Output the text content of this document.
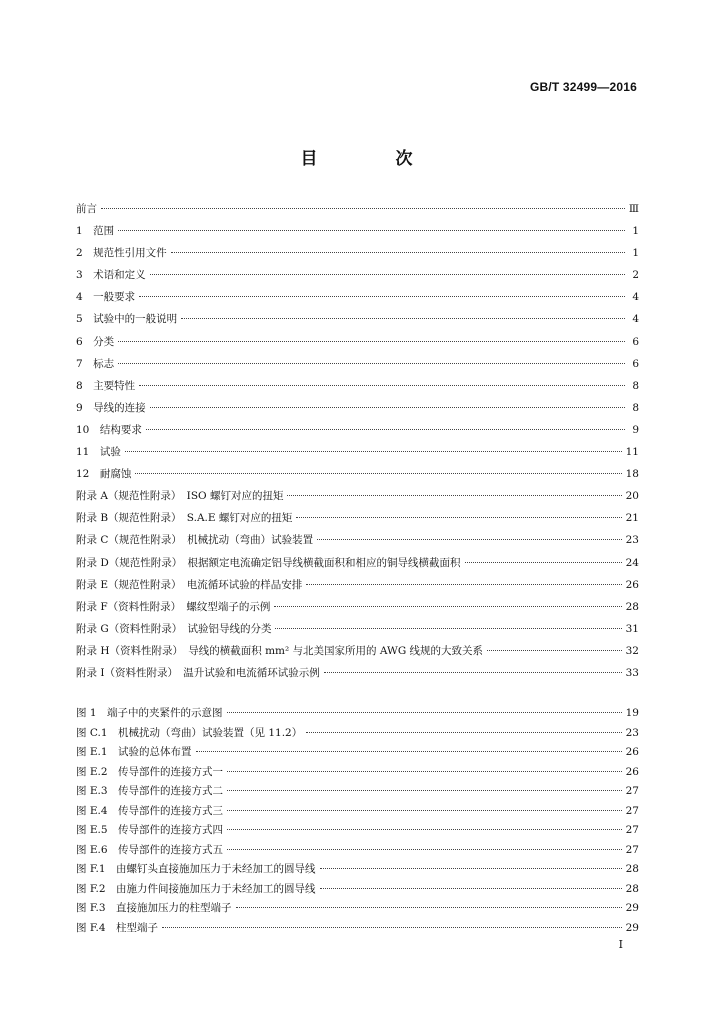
GB/T 32499—2016
目 次
前言	Ⅲ
1　范围	1
2　规范性引用文件	1
3　术语和定义	2
4　一般要求	4
5　试验中的一般说明	4
6　分类	6
7　标志	6
8　主要特性	8
9　导线的连接	8
10　结构要求	9
11　试验	11
12　耐腐蚀	18
附录 A（规范性附录）　ISO 螺钉对应的扭矩	20
附录 B（规范性附录）　S.A.E 螺钉对应的扭矩	21
附录 C（规范性附录）　机械扰动（弯曲）试验装置	23
附录 D（规范性附录）　根据额定电流确定铝导线横截面积和相应的铜导线横截面积	24
附录 E（规范性附录）　电流循环试验的样品安排	26
附录 F（资料性附录）　螺纹型端子的示例	28
附录 G（资料性附录）　试验铝导线的分类	31
附录 H（资料性附录）　导线的横截面积 mm² 与北美国家所用的 AWG 线规的大致关系	32
附录 I（资料性附录）　温升试验和电流循环试验示例	33
图 1　端子中的夹紧件的示意图	19
图 C.1　机械扰动（弯曲）试验装置（见 11.2）	23
图 E.1　试验的总体布置	26
图 E.2　传导部件的连接方式一	26
图 E.3　传导部件的连接方式二	27
图 E.4　传导部件的连接方式三	27
图 E.5　传导部件的连接方式四	27
图 E.6　传导部件的连接方式五	27
图 F.1　由螺钉头直接施加压力于未经加工的圆导线	28
图 F.2　由施力件间接施加压力于未经加工的圆导线	28
图 F.3　直接施加压力的柱型端子	29
图 F.4　柱型端子	29
I
